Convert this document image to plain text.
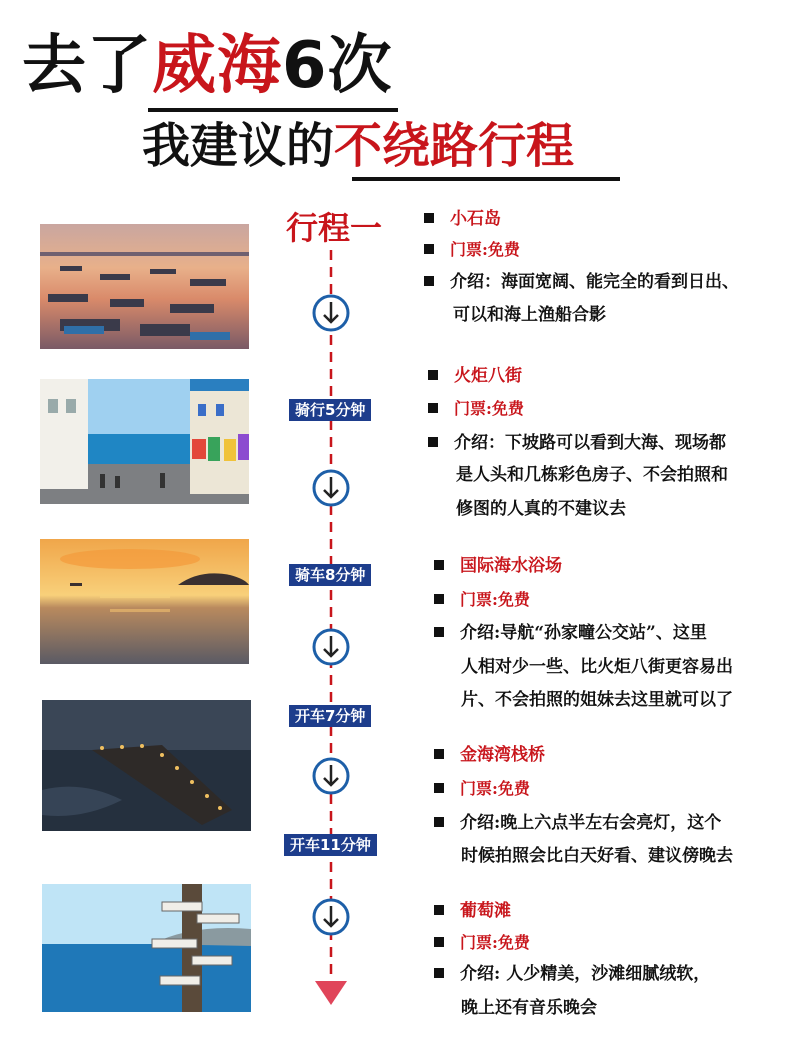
去了威海6次
我建议的不绕路行程
行程一
骑行5分钟
骑车8分钟
开车7分钟
开车11分钟
小石岛
门票:免费
介绍：海面宽阔、能完全的看到日出、
可以和海上渔船合影
火炬八街
门票:免费
介绍：下坡路可以看到大海、现场都
是人头和几栋彩色房子、不会拍照和
修图的人真的不建议去
国际海水浴场
门票:免费
介绍:导航“孙家疃公交站”、这里
人相对少一些、比火炬八街更容易出
片、不会拍照的姐妹去这里就可以了
金海湾栈桥
门票:免费
介绍:晚上六点半左右会亮灯，这个
时候拍照会比白天好看、建议傍晚去
葡萄滩
门票:免费
介绍: 人少精美，沙滩细腻绒软，
晚上还有音乐晚会
